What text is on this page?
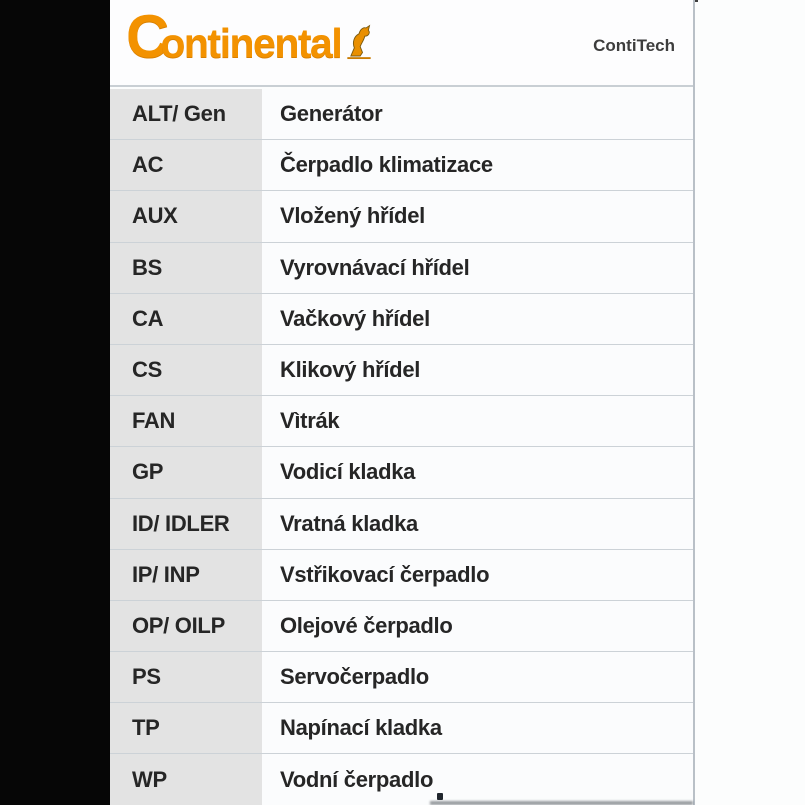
C
ontinental	ContiTech
ALT/ Gen	Generátor
AC	Čerpadlo klimatizace
AUX	Vložený hřídel
BS	Vyrovnávací hřídel
CA	Vačkový hřídel
CS	Klikový hřídel
FAN	Vìtrák
GP	Vodicí kladka
ID/ IDLER	Vratná kladka
IP/ INP	Vstřikovací čerpadlo
OP/ OILP	Olejové čerpadlo
PS	Servočerpadlo
TP	Napínací kladka
WP	Vodní čerpadlo
